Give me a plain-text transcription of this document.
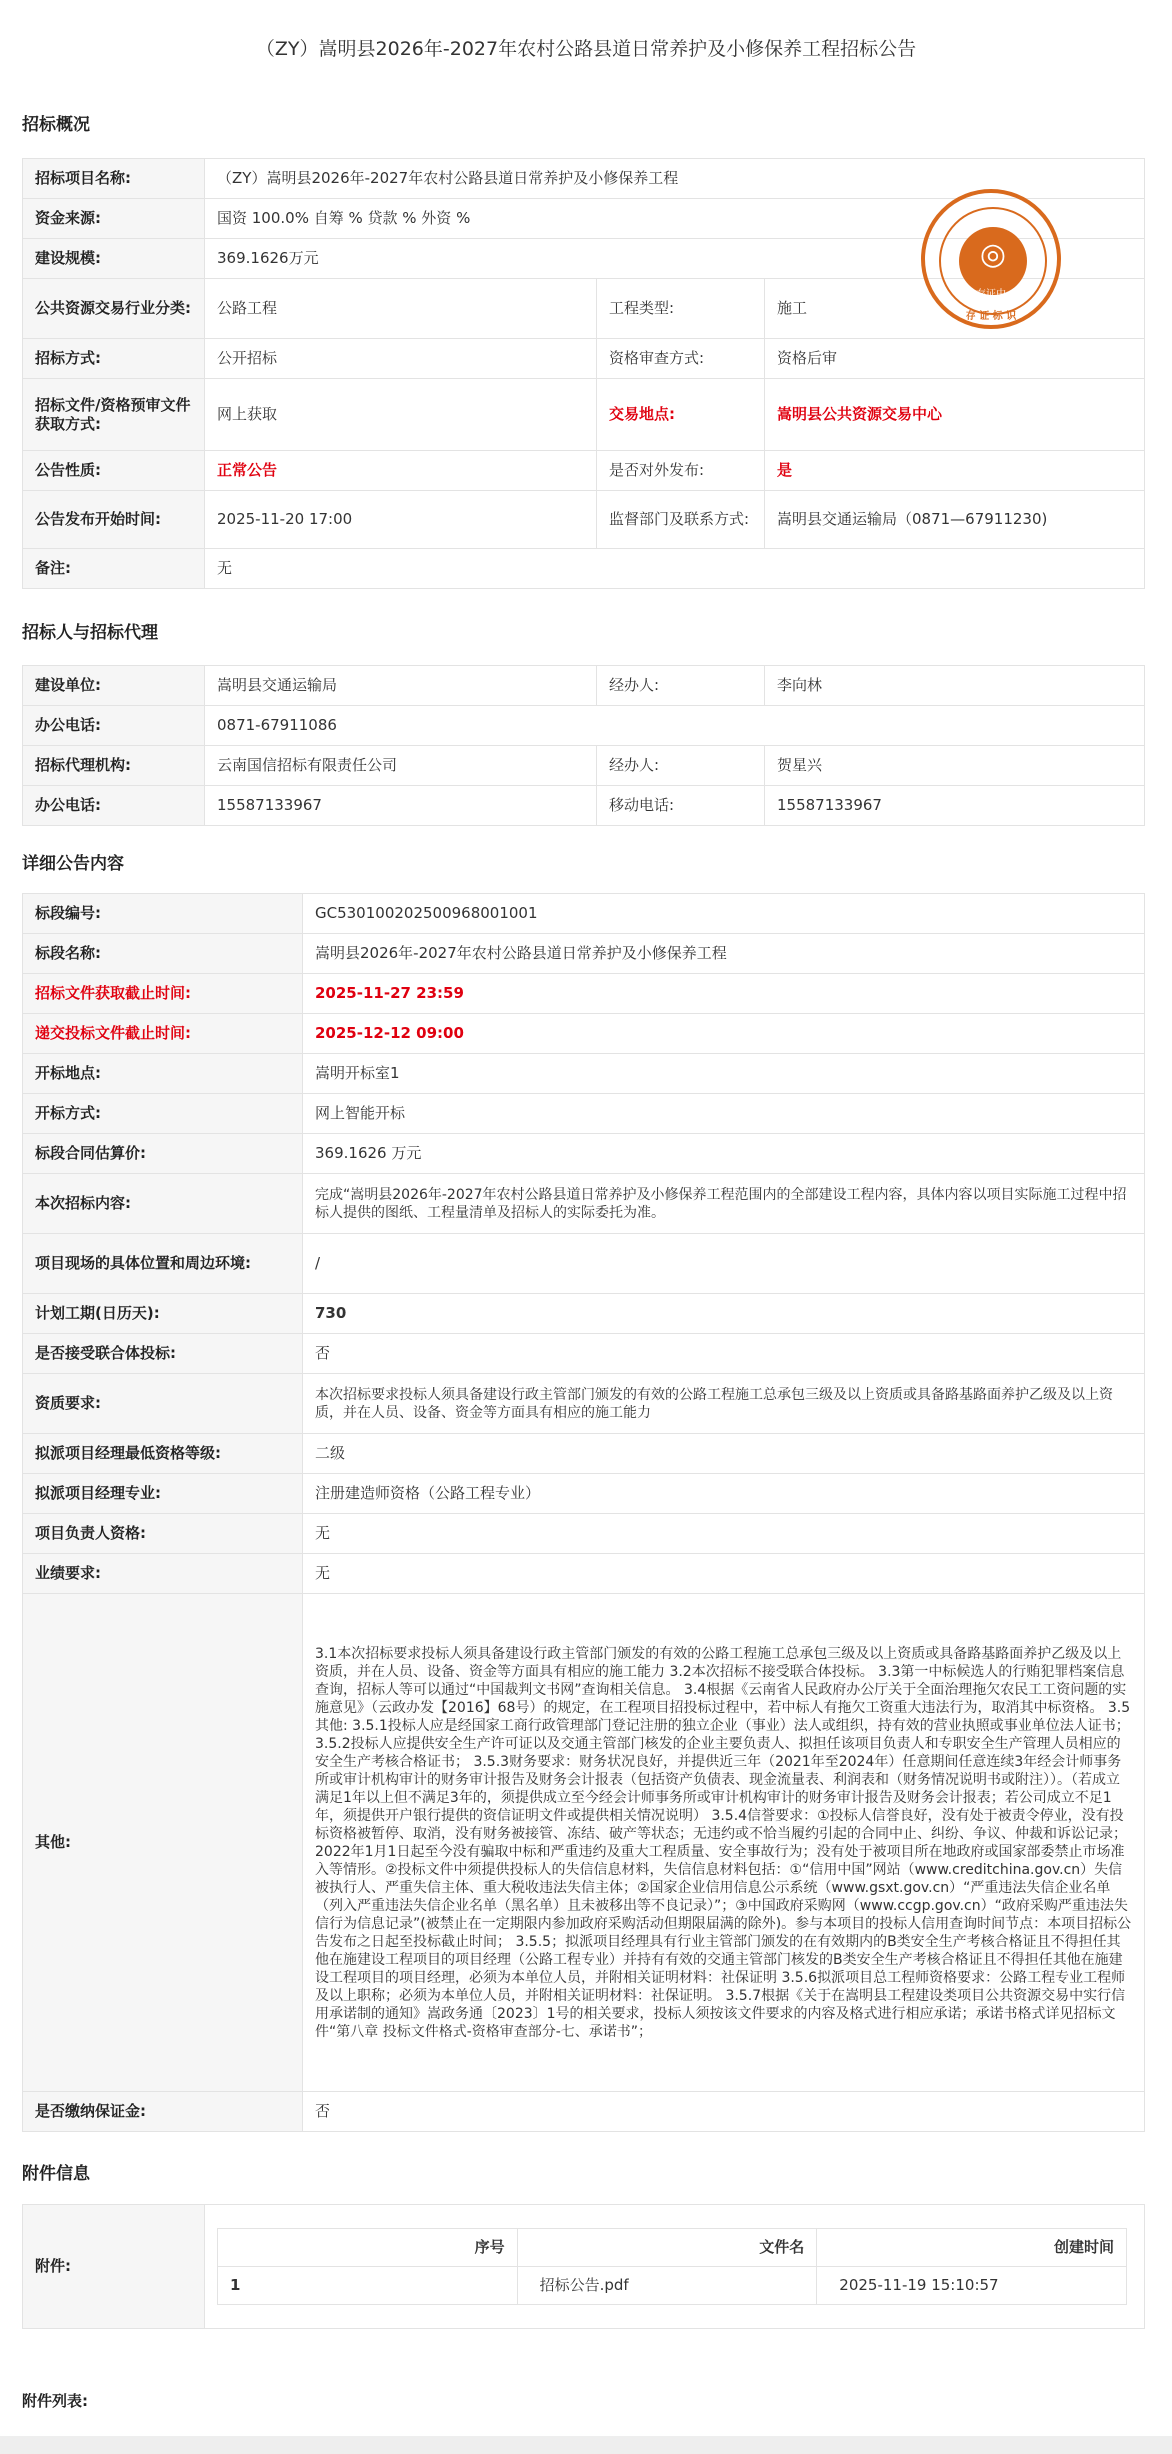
（ZY）嵩明县2026年-2027年农村公路县道日常养护及小修保养工程招标公告
招标概况
招标项目名称:	（ZY）嵩明县2026年-2027年农村公路县道日常养护及小修保养工程		
资金来源:	国资 100.0% 自筹 % 贷款 % 外资 %		
建设规模:	369.1626万元		
公共资源交易行业分类:	公路工程	工程类型:	施工
招标方式:	公开招标	资格审查方式:	资格后审
招标文件/资格预审文件获取方式:	网上获取	交易地点:	嵩明县公共资源交易中心
公告性质:	正常公告	是否对外发布:	是
公告发布开始时间:	2025-11-20 17:00	监督部门及联系方式:	嵩明县交通运输局（0871—67911230)
备注:	无		
◎
存证中
存 证 标 识
招标人与招标代理
建设单位:	嵩明县交通运输局	经办人:	李向林
办公电话:	0871-67911086		
招标代理机构:	云南国信招标有限责任公司	经办人:	贺星兴
办公电话:	15587133967	移动电话:	15587133967
详细公告内容
标段编号:	GC5301002025009680010​01
标段名称:	嵩明县2026年-2027年农村公路县道日常养护及小修保养工程
招标文件获取截止时间:	2025-11-27 23:59
递交投标文件截止时间:	2025-12-12 09:00
开标地点:	嵩明开标室1
开标方式:	网上智能开标
标段合同估算价:	369.1626 万元
本次招标内容:	完成“嵩明县2026年-2027年农村公路县道日常养护及小修保养工程范围内的全部建设工程内容，具体内容以项目实际施工过程中招标人提供的图纸、工程量清单及招标人的实际委托为准。
项目现场的具体位置和周边环境:	/
计划工期(日历天):	730
是否接受联合体投标:	否
资质要求:	本次招标要求投标人须具备建设行政主管部门颁发的有效的公路工程施工总承包三级及以上资质或具备路基路面养护乙级及以上资质，并在人员、设备、资金等方面具有相应的施工能力
拟派项目经理最低资格等级:	二级
拟派项目经理专业:	注册建造师资格（公路工程专业）
项目负责人资格:	无
业绩要求:	无
其他:	3.1本次招标要求投标人须具备建设行政主管部门颁发的有效的公路工程施工总承包三级及以上资质或具备路基路面养护乙级及以上资质，并在人员、设备、资金等方面具有相应的施工能力 3.2本次招标不接受联合体投标。 3.3第一中标候选人的行贿犯罪档案信息查询，招标人等可以通过“中国裁判文书网”查询相关信息。 3.4根据《云南省人民政府办公厅关于全面治理拖欠农民工工资问题的实施意见》（云政办发【2016】68号）的规定，在工程项目招投标过程中，若中标人有拖欠工资重大违法行为，取消其中标资格。 3.5 其他: 3.5.1投标人应是经国家工商行政管理部门登记注册的独立企业（事业）法人或组织，持有效的营业执照或事业单位法人证书； 3.5.2投标人应提供安全生产许可证以及交通主管部门核发的企业主要负责人、拟担任该项目负责人和专职安全生产管理人员相应的安全生产考核合格证书； 3.5.3财务要求：财务状况良好，并提供近三年（2021年至2024年）任意期间任意连续3年经会计师事务所或审计机构审计的财务审计报告及财务会计报表（包括资产负债表、现金流量表、利润表和（财务情况说明书或附注））。（若成立满足1年以上但不满足3年的，须提供成立至今经会计师事务所或审计机构审计的财务审计报告及财务会计报表；若公司成立不足1年，须提供开户银行提供的资信证明文件或提供相关情况说明） 3.5.4信誉要求：①投标人信誉良好，没有处于被责令停业，没有投标资格被暂停、取消，没有财务被接管、冻结、破产等状态；无违约或不恰当履约引起的合同中止、纠纷、争议、仲裁和诉讼记录；2022年1月1日起至今没有骗取中标和严重违约及重大工程质量、安全事故行为；没有处于被项目所在地政府或国家部委禁止市场准入等情形。②投标文件中须提供投标人的失信信息材料，失信信息材料包括：①“信用中国”网站（www.creditchina.gov.cn）失信被执行人、严重失信主体、重大税收违法失信主体；②国家企业信用信息公示系统（www.gsxt.gov.cn）“严重违法失信企业名单（列入严重违法失信企业名单（黑名单）且未被移出等不良记录）”；③中国政府采购网（www.ccgp.gov.cn）“政府采购严重违法失信行为信息记录”(被禁止在一定期限内参加政府采购活动但期限届满的除外)。参与本项目的投标人信用查询时间节点：本项目招标公告发布之日起至投标截止时间； 3.5.5；拟派项目经理具有行业主管部门颁发的在有效期内的B类安全生产考核合格证且不得担任其他在施建设工程项目的项目经理（公路工程专业）并持有有效的交通主管部门核发的B类安全生产考核合格证且不得担任其他在施建设工程项目的项目经理，必须为本单位人员，并附相关证明材料：社保证明 3.5.6拟派项目总工程师资格要求：公路工程专业工程师及以上职称；必须为本单位人员，并附相关证明材料：社保证明。 3.5.7根据《关于在嵩明县工程建设类项目公共资源交易中实行信用承诺制的通知》嵩政务通〔2023〕1号的相关要求，投标人须按该文件要求的内容及格式进行相应承诺；承诺书格式详见招标文件“第八章 投标文件格式-资格审查部分-七、承诺书”；
是否缴纳保证金:	否
附件信息
附件:	
序号	文件名	创建时间
1	招标公告.pdf	2025-11-19 15:10:57
附件列表:
